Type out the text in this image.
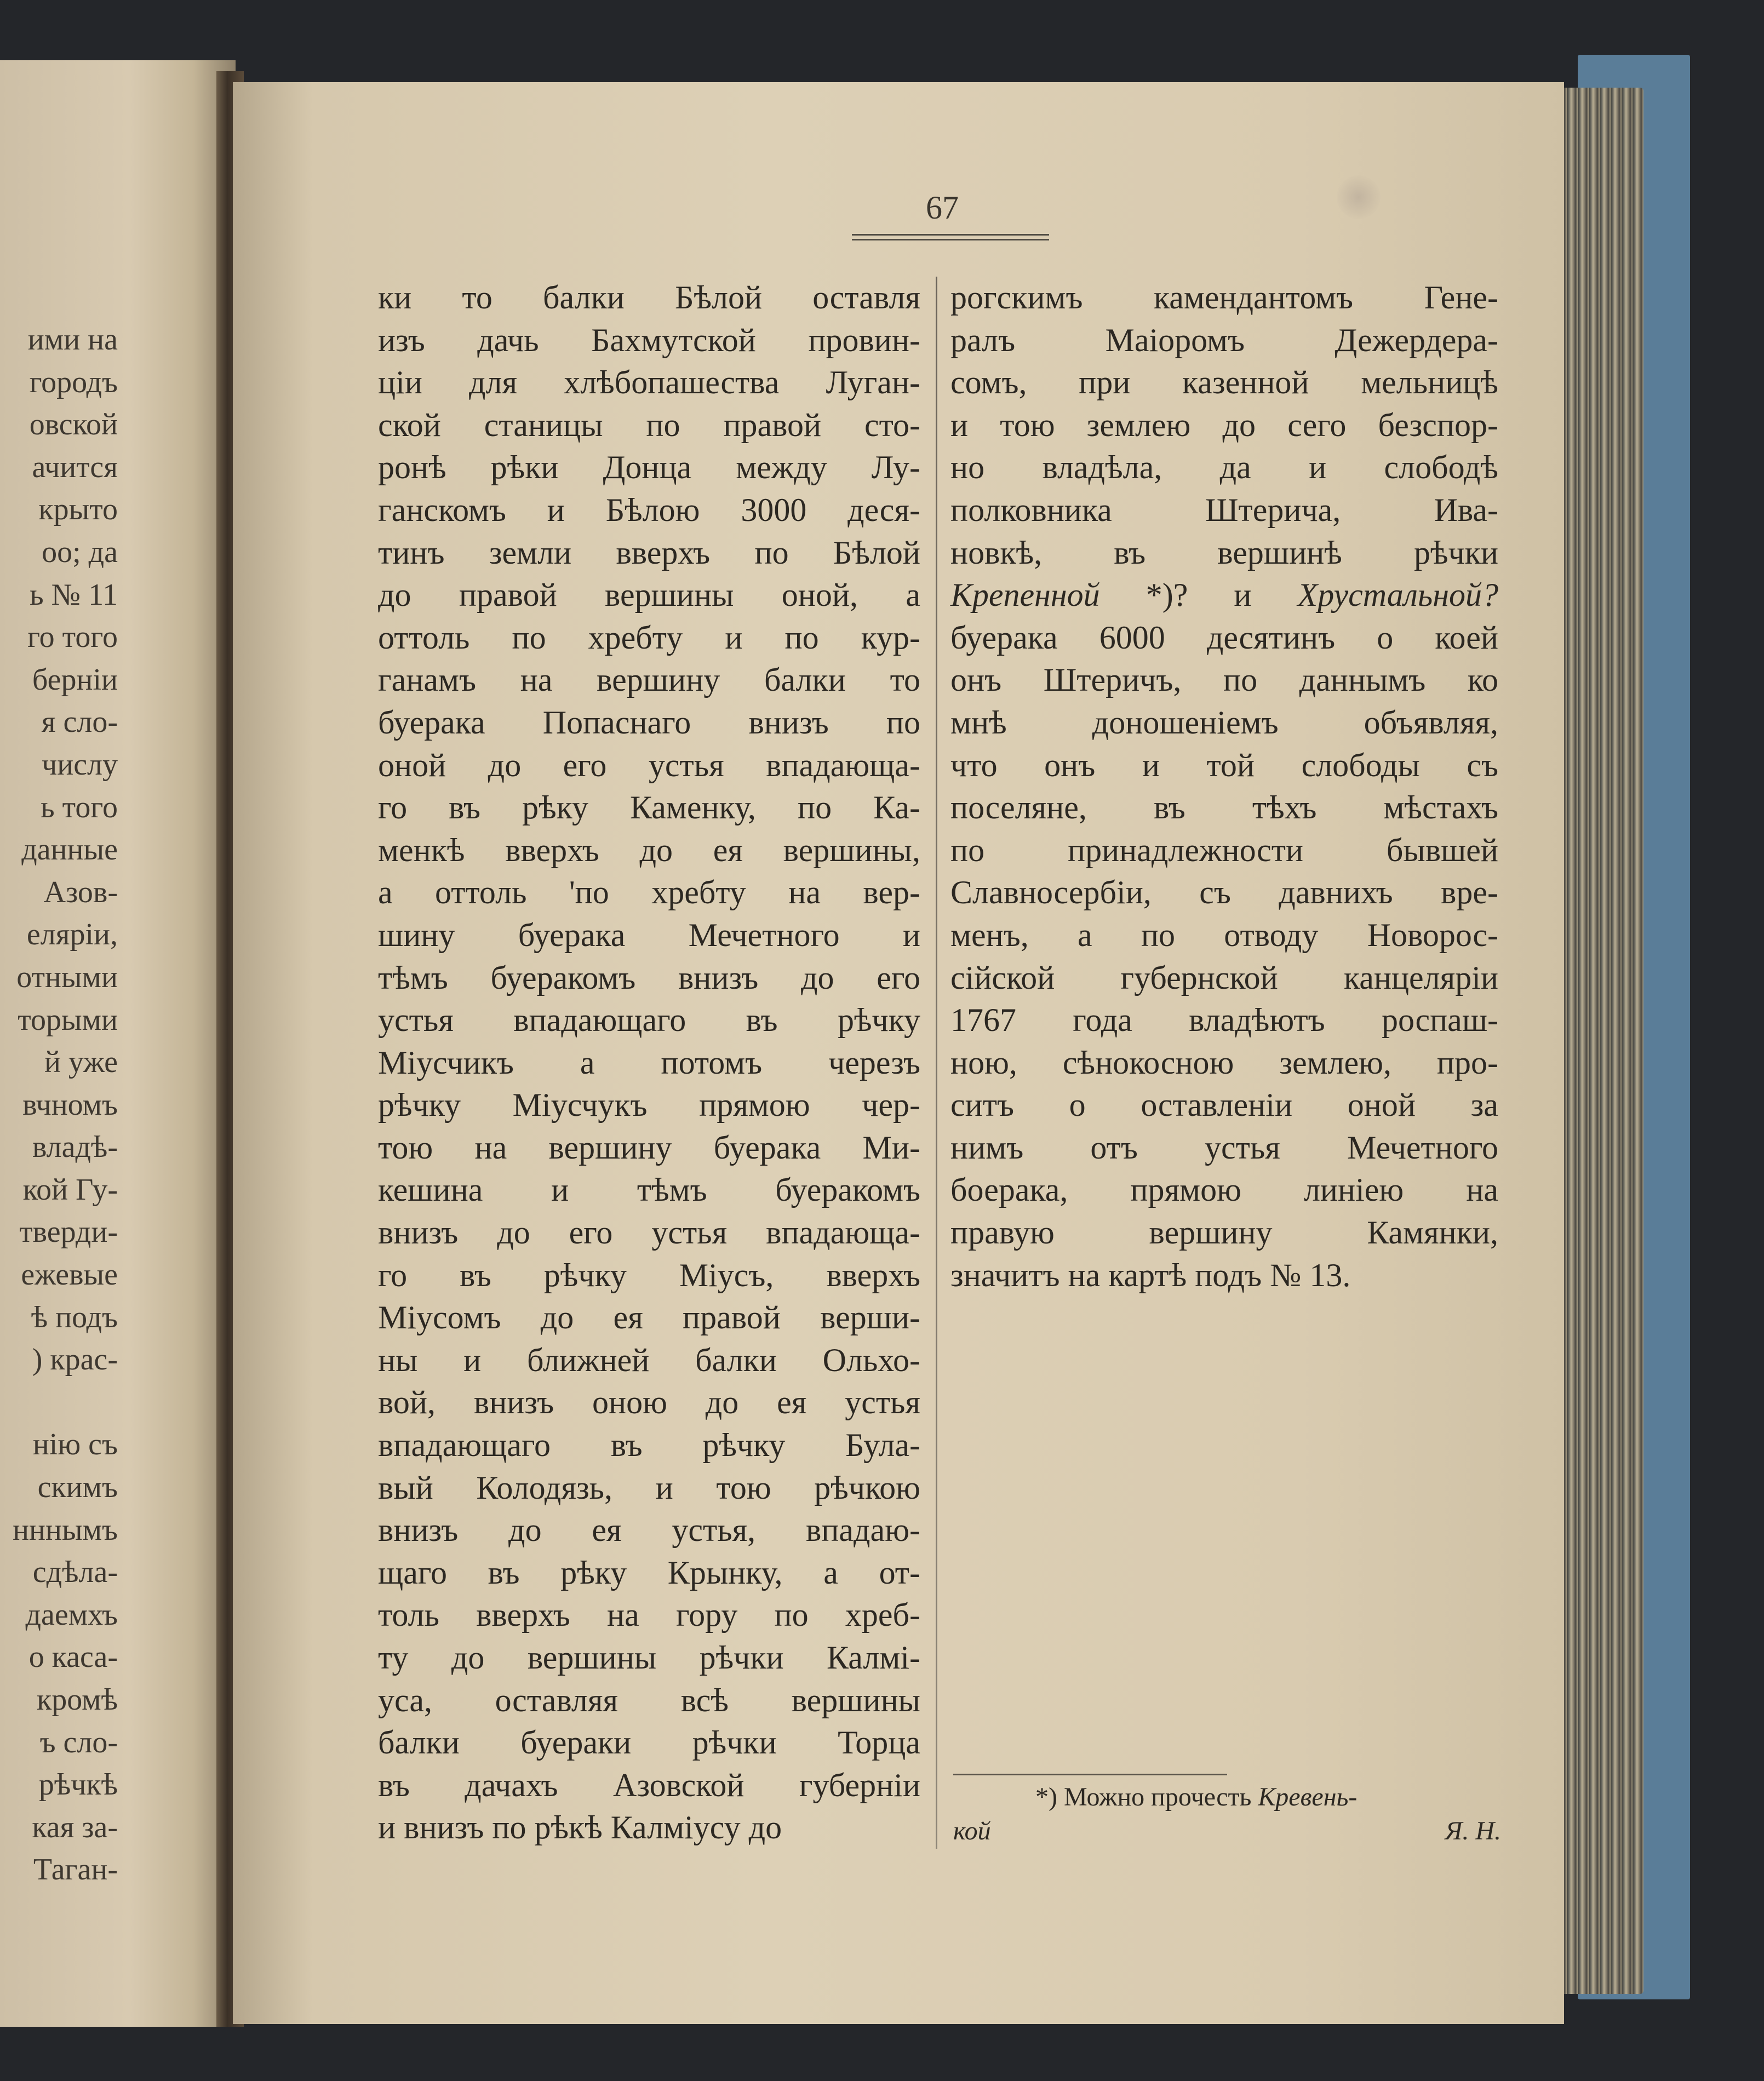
ими на
городъ
овской
ачится
крыто
оо; да
ь № 11
го того
берніи
я сло-
числу
ь того
данные
Азов-
еляріи,
отными
торыми
й уже
вчномъ
владѣ-
кой Гу-
тверди-
ежевые
ѣ подъ
) крас-
нію съ
скимъ
нннымъ
сдѣла-
даемхъ
о каса-
кромѣ
ъ сло-
рѣчкѣ
кая за-
Таган-
67
ки то балки Бѣлой оставля
изъ дачь Бахмутской провин-
ціи для хлѣбопашества Луган-
ской станицы по правой сто-
ронѣ рѣки Донца между Лу-
ганскомъ и Бѣлою 3000 деся-
тинъ земли вверхъ по Бѣлой
до правой вершины оной, а
оттоль по хребту и по кур-
ганамъ на вершину балки то
буерака Попаснаго внизъ по
оной до его устья впадающа-
го въ рѣку Каменку, по Ка-
менкѣ вверхъ до ея вершины,
а оттоль 'по хребту на вер-
шину буерака Мечетного и
тѣмъ буеракомъ внизъ до его
устья впадающаго въ рѣчку
Міусчикъ а потомъ черезъ
рѣчку Міусчукъ прямою чер-
тою на вершину буерака Ми-
кешина и тѣмъ буеракомъ
внизъ до его устья впадающа-
го въ рѣчку Міусъ, вверхъ
Міусомъ до ея правой верши-
ны и ближней балки Ольхо-
вой, внизъ оною до ея устья
впадающаго въ рѣчку Була-
вый Колодязь, и тою рѣчкою
внизъ до ея устья, впадаю-
щаго въ рѣку Крынку, а от-
толь вверхъ на гору по хреб-
ту до вершины рѣчки Калмі-
уса, оставляя всѣ вершины
балки буераки рѣчки Торца
въ дачахъ Азовской губерніи
и внизъ по рѣкѣ Калміусу до
рогскимъ камендантомъ Гене-
ралъ Маіоромъ Дежердера-
сомъ, при казенной мельницѣ
и тою землею до сего безспор-
но владѣла, да и слободѣ
полковника Штерича, Ива-
новкѣ, въ вершинѣ рѣчки
Крепенной *)? и Хрустальной?
буерака 6000 десятинъ о коей
онъ Штеричъ, по даннымъ ко
мнѣ доношеніемъ объявляя,
что онъ и той слободы съ
поселяне, въ тѣхъ мѣстахъ
по принадлежности бывшей
Славносербіи, съ давнихъ вре-
менъ, а по отводу Новорос-
сійской губернской канцеляріи
1767 года владѣютъ роспаш-
ною, сѣнокосною землею, про-
ситъ о оставленіи оной за
нимъ отъ устья Мечетного
боерака, прямою линіею на
правую вершину Камянки,
значитъ на картѣ подъ № 13.
*) Можно прочесть Кревень-
кой	Я. Н.
